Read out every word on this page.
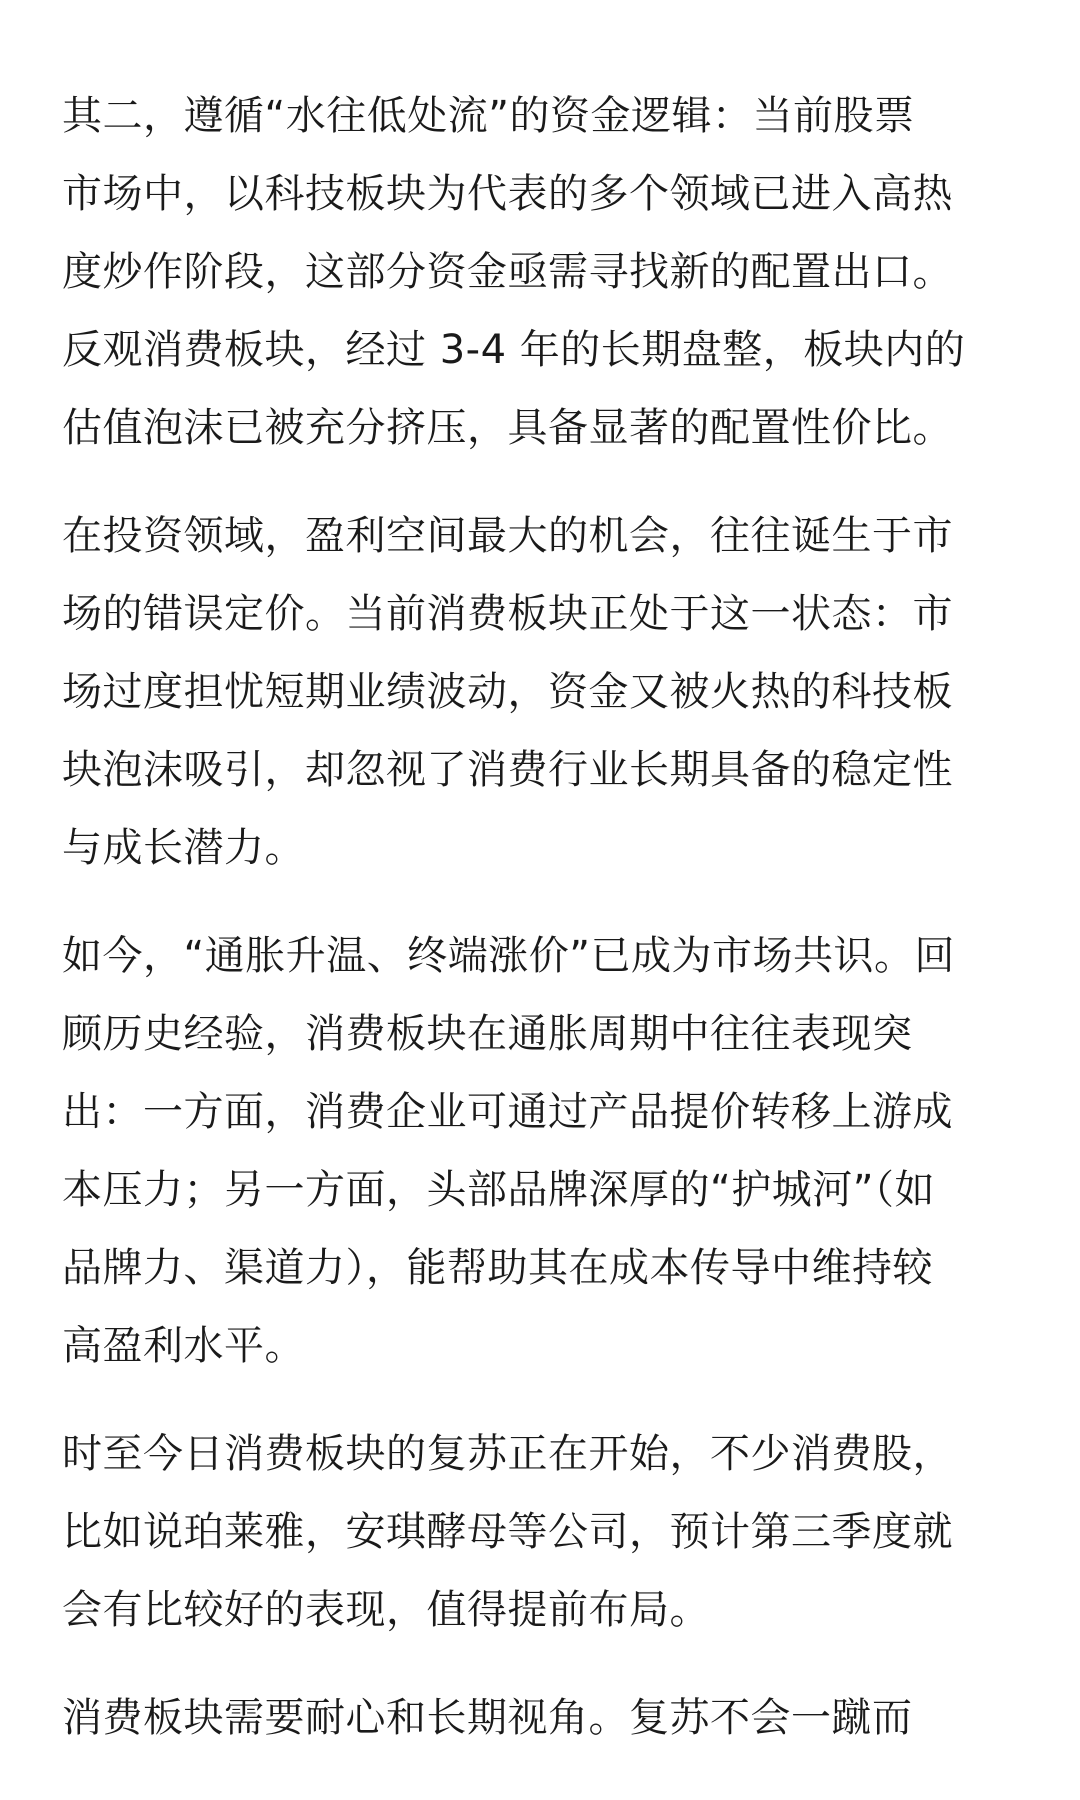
其二，遵循“水往低处流”的资金逻辑：当前股票
市场中，以科技板块为代表的多个领域已进入高热
度炒作阶段，这部分资金亟需寻找新的配置出口。
反观消费板块，经过 3-4 年的长期盘整，板块内的
估值泡沫已被充分挤压，具备显著的配置性价比。
在投资领域，盈利空间最大的机会，往往诞生于市
场的错误定价。当前消费板块正处于这一状态：市
场过度担忧短期业绩波动，资金又被火热的科技板
块泡沫吸引，却忽视了消费行业长期具备的稳定性
与成长潜力。
如今，“通胀升温、终端涨价”已成为市场共识。回
顾历史经验，消费板块在通胀周期中往往表现突
出：一方面，消费企业可通过产品提价转移上游成
本压力；另一方面，头部品牌深厚的“护城河”（如
品牌力、渠道力），能帮助其在成本传导中维持较
高盈利水平。
时至今日消费板块的复苏正在开始，不少消费股，
比如说珀莱雅，安琪酵母等公司，预计第三季度就
会有比较好的表现，值得提前布局。
消费板块需要耐心和长期视角。复苏不会一蹴而
